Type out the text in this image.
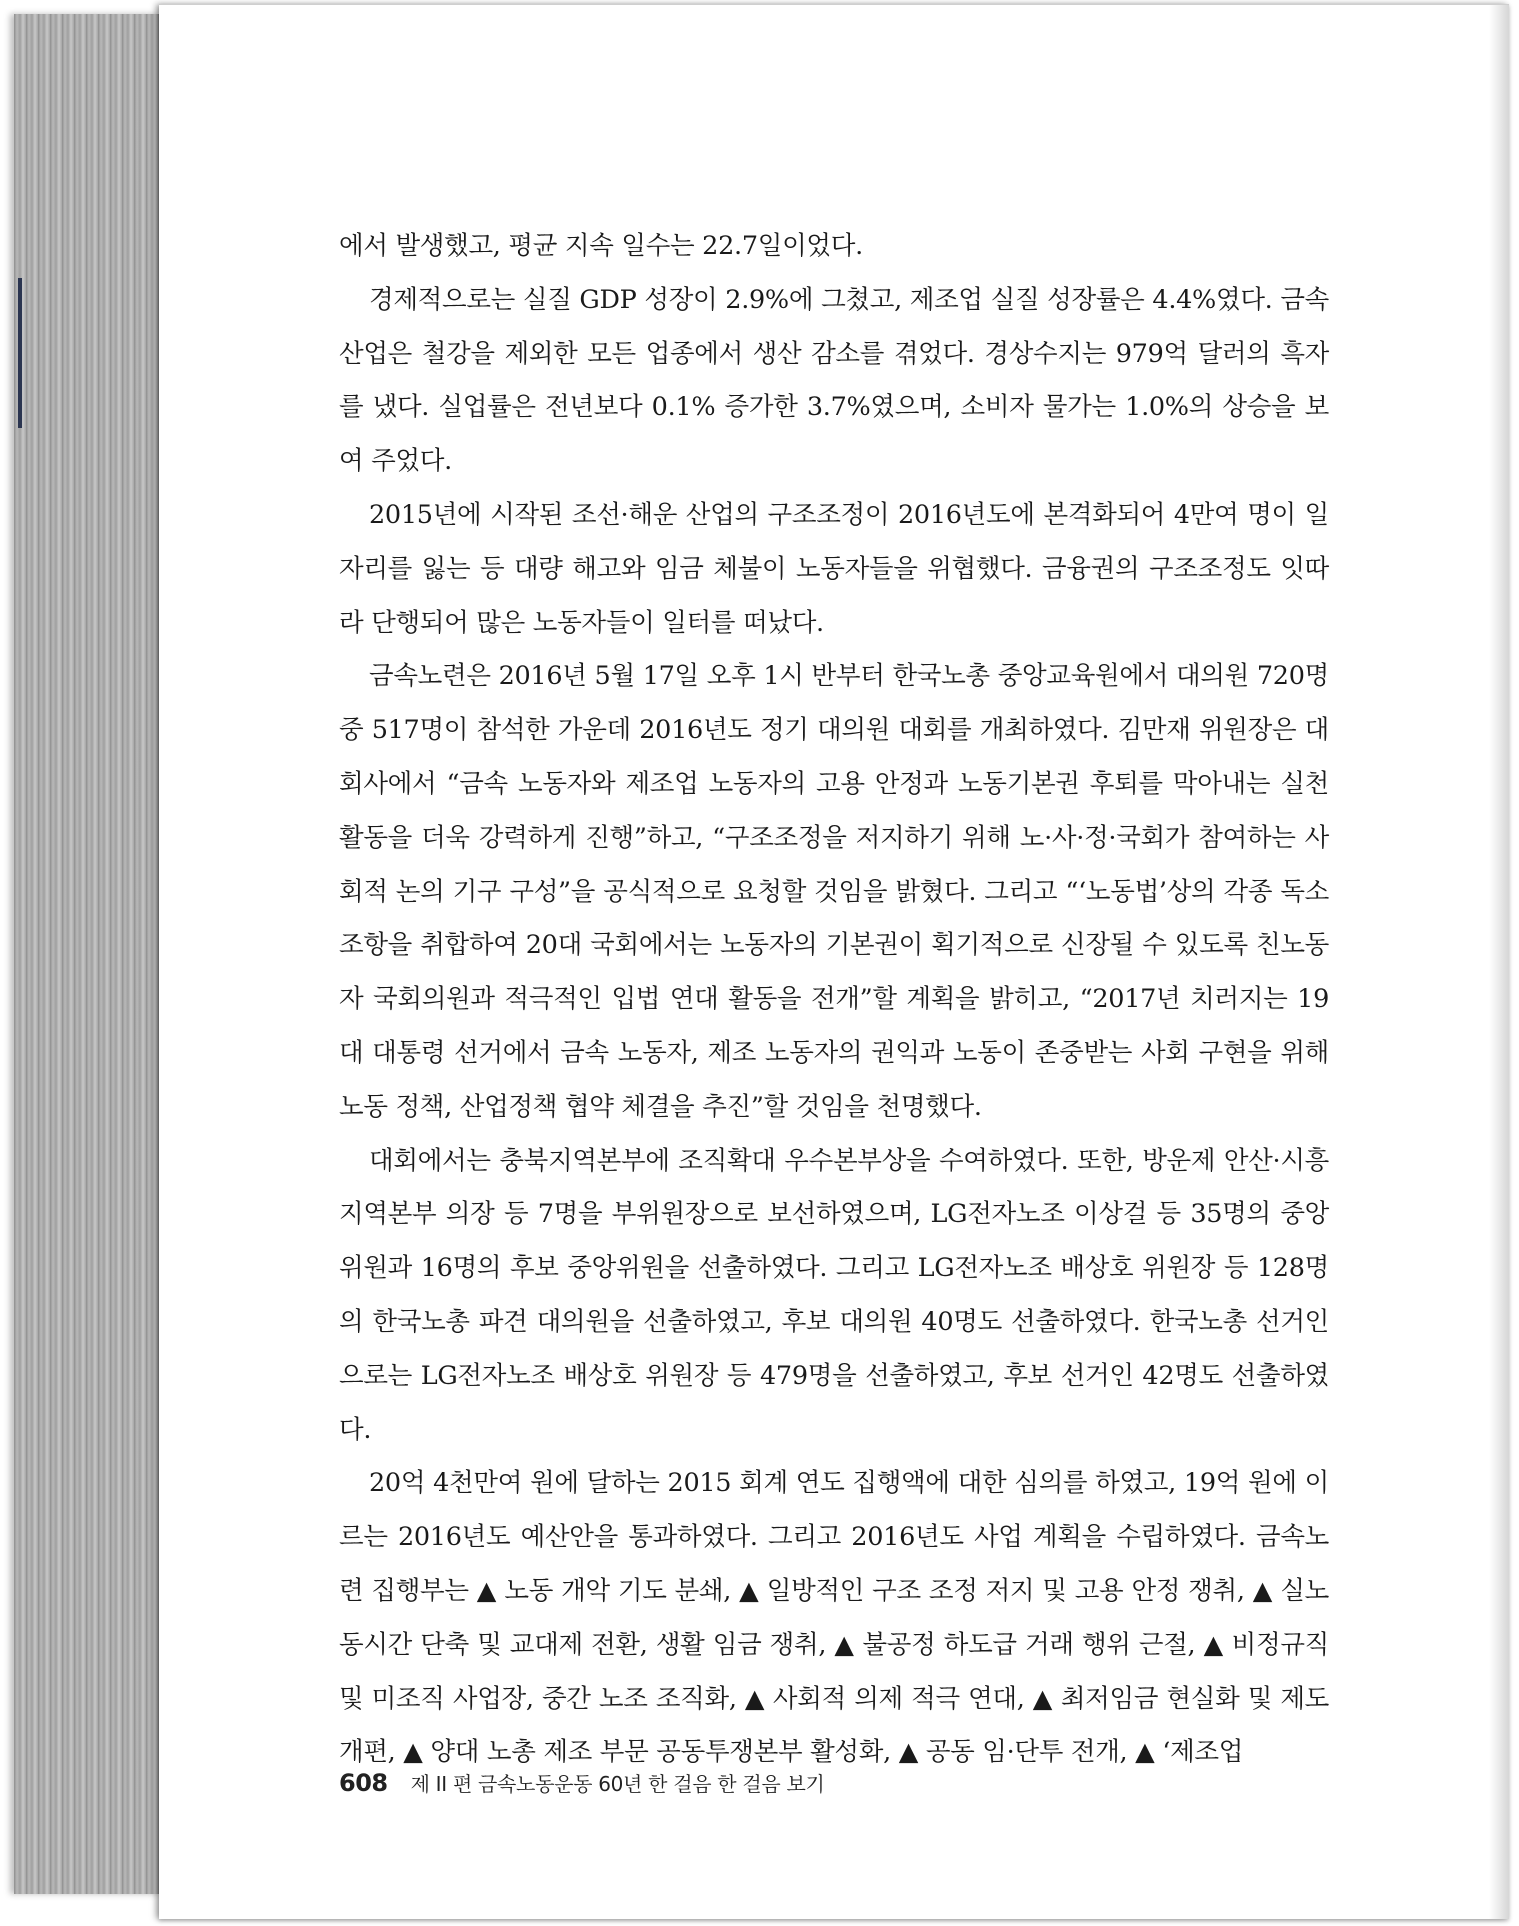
에서 발생했고, 평균 지속 일수는 22.7일이었다.

경제적으로는 실질 GDP 성장이 2.9%에 그쳤고, 제조업 실질 성장률은 4.4%였다. 금속 산업은 철강을 제외한 모든 업종에서 생산 감소를 겪었다. 경상수지는 979억 달러의 흑자를 냈다. 실업률은 전년보다 0.1% 증가한 3.7%였으며, 소비자 물가는 1.0%의 상승을 보여 주었다.

2015년에 시작된 조선·해운 산업의 구조조정이 2016년도에 본격화되어 4만여 명이 일자리를 잃는 등 대량 해고와 임금 체불이 노동자들을 위협했다. 금융권의 구조조정도 잇따라 단행되어 많은 노동자들이 일터를 떠났다.

금속노련은 2016년 5월 17일 오후 1시 반부터 한국노총 중앙교육원에서 대의원 720명 중 517명이 참석한 가운데 2016년도 정기 대의원 대회를 개최하였다. 김만재 위원장은 대회사에서 “금속 노동자와 제조업 노동자의 고용 안정과 노동기본권 후퇴를 막아내는 실천 활동을 더욱 강력하게 진행”하고, “구조조정을 저지하기 위해 노·사·정·국회가 참여하는 사회적 논의 기구 구성”을 공식적으로 요청할 것임을 밝혔다. 그리고 “‘노동법’상의 각종 독소 조항을 취합하여 20대 국회에서는 노동자의 기본권이 획기적으로 신장될 수 있도록 친노동자 국회의원과 적극적인 입법 연대 활동을 전개”할 계획을 밝히고, “2017년 치러지는 19대 대통령 선거에서 금속 노동자, 제조 노동자의 권익과 노동이 존중받는 사회 구현을 위해 노동 정책, 산업정책 협약 체결을 추진”할 것임을 천명했다.

대회에서는 충북지역본부에 조직확대 우수본부상을 수여하였다. 또한, 방운제 안산·시흥 지역본부 의장 등 7명을 부위원장으로 보선하였으며, LG전자노조 이상걸 등 35명의 중앙위원과 16명의 후보 중앙위원을 선출하였다. 그리고 LG전자노조 배상호 위원장 등 128명의 한국노총 파견 대의원을 선출하였고, 후보 대의원 40명도 선출하였다. 한국노총 선거인으로는 LG전자노조 배상호 위원장 등 479명을 선출하였고, 후보 선거인 42명도 선출하였다.

20억 4천만여 원에 달하는 2015 회계 연도 집행액에 대한 심의를 하였고, 19억 원에 이르는 2016년도 예산안을 통과하였다. 그리고 2016년도 사업 계획을 수립하였다. 금속노련 집행부는 ▲ 노동 개악 기도 분쇄, ▲ 일방적인 구조 조정 저지 및 고용 안정 쟁취, ▲ 실노동시간 단축 및 교대제 전환, 생활 임금 쟁취, ▲ 불공정 하도급 거래 행위 근절, ▲ 비정규직 및 미조직 사업장, 중간 노조 조직화, ▲ 사회적 의제 적극 연대, ▲ 최저임금 현실화 및 제도 개편, ▲ 양대 노총 제조 부문 공동투쟁본부 활성화, ▲ 공동 임·단투 전개, ▲ ‘제조업

608 제 II 편 금속노동운동 60년 한 걸음 한 걸음 보기
